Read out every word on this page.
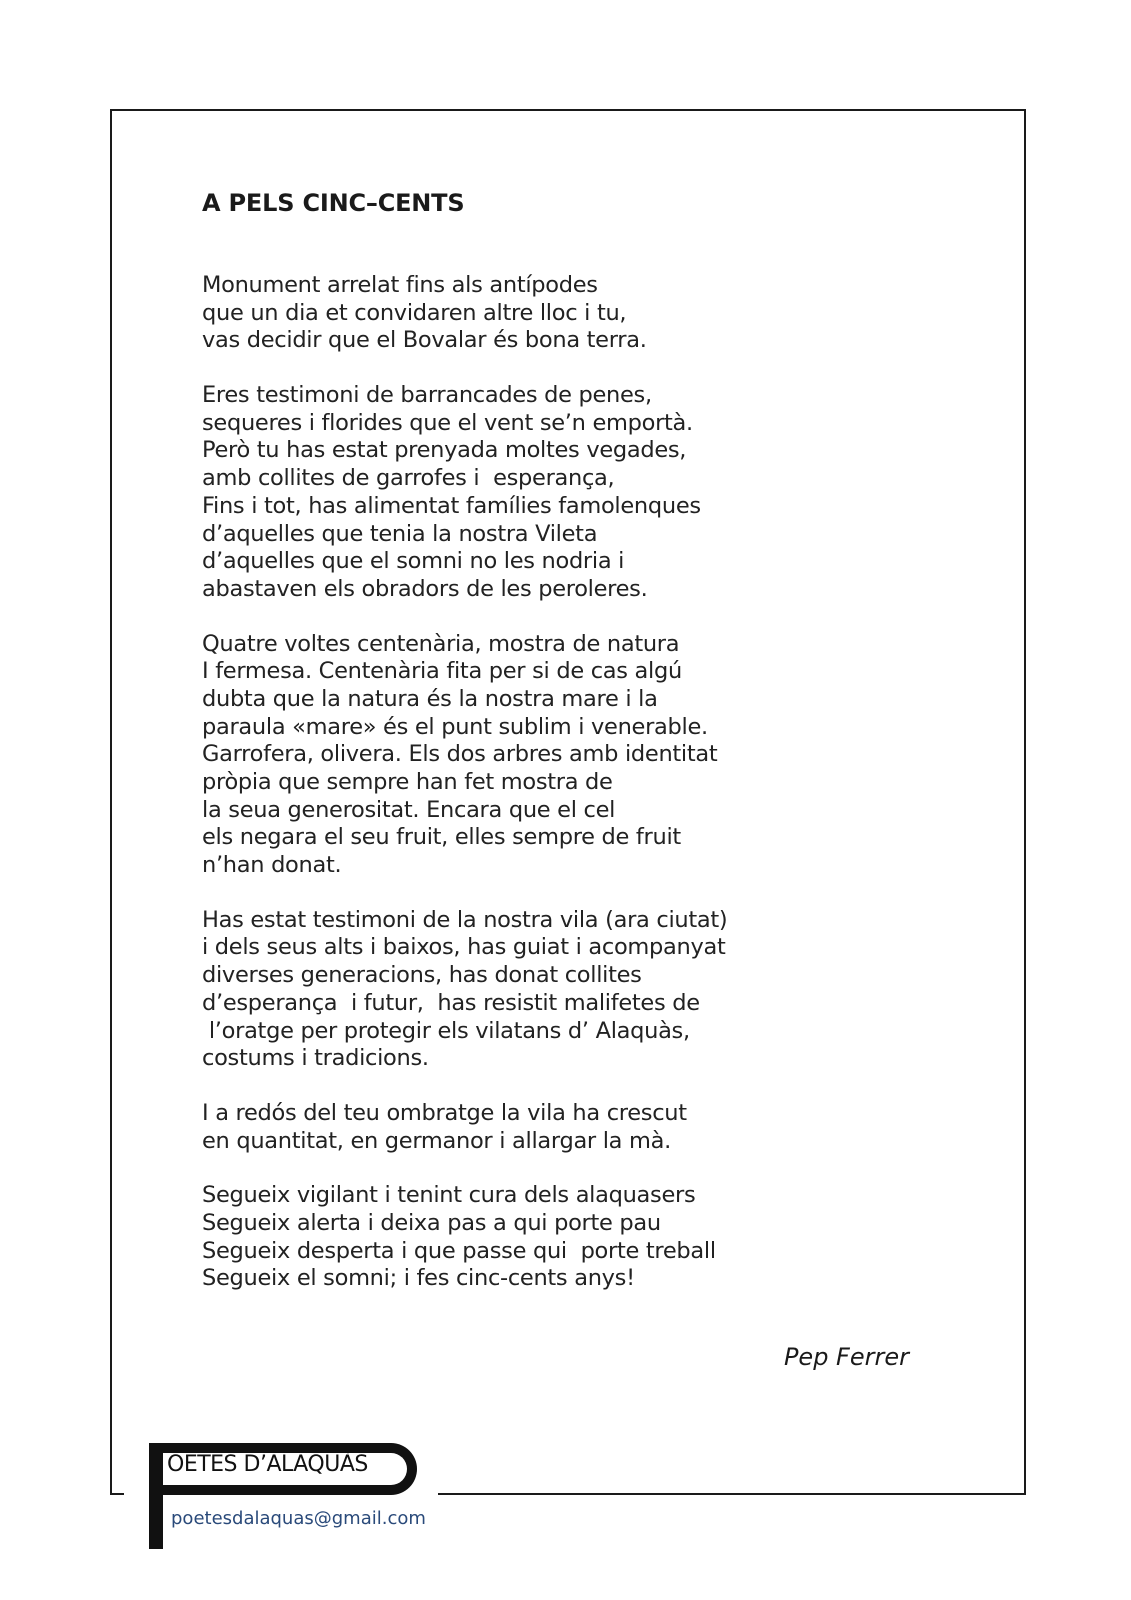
A PELS CINC–CENTS
Monument arrelat fins als antípodes
que un dia et convidaren altre lloc i tu,
vas decidir que el Bovalar és bona terra.
Eres testimoni de barrancades de penes,
sequeres i florides que el vent se’n emportà.
Però tu has estat prenyada moltes vegades,
amb collites de garrofes i  esperança,
Fins i tot, has alimentat famílies famolenques
d’aquelles que tenia la nostra Vileta
d’aquelles que el somni no les nodria i
abastaven els obradors de les peroleres.
Quatre voltes centenària, mostra de natura
I fermesa. Centenària fita per si de cas algú
dubta que la natura és la nostra mare i la
paraula «mare» és el punt sublim i venerable.
Garrofera, olivera. Els dos arbres amb identitat
pròpia que sempre han fet mostra de
la seua generositat. Encara que el cel
els negara el seu fruit, elles sempre de fruit
n’han donat.
Has estat testimoni de la nostra vila (ara ciutat)
i dels seus alts i baixos, has guiat i acompanyat
diverses generacions, has donat collites
d’esperança  i futur,  has resistit malifetes de
l’oratge per protegir els vilatans d’ Alaquàs,
costums i tradicions.
I a redós del teu ombratge la vila ha crescut
en quantitat, en germanor i allargar la mà.
Segueix vigilant i tenint cura dels alaquasers
Segueix alerta i deixa pas a qui porte pau
Segueix desperta i que passe qui  porte treball
Segueix el somni; i fes cinc-cents anys!

Pep Ferrer

OETES D’ALAQUÀS
poetesdalaquas@gmail.com
